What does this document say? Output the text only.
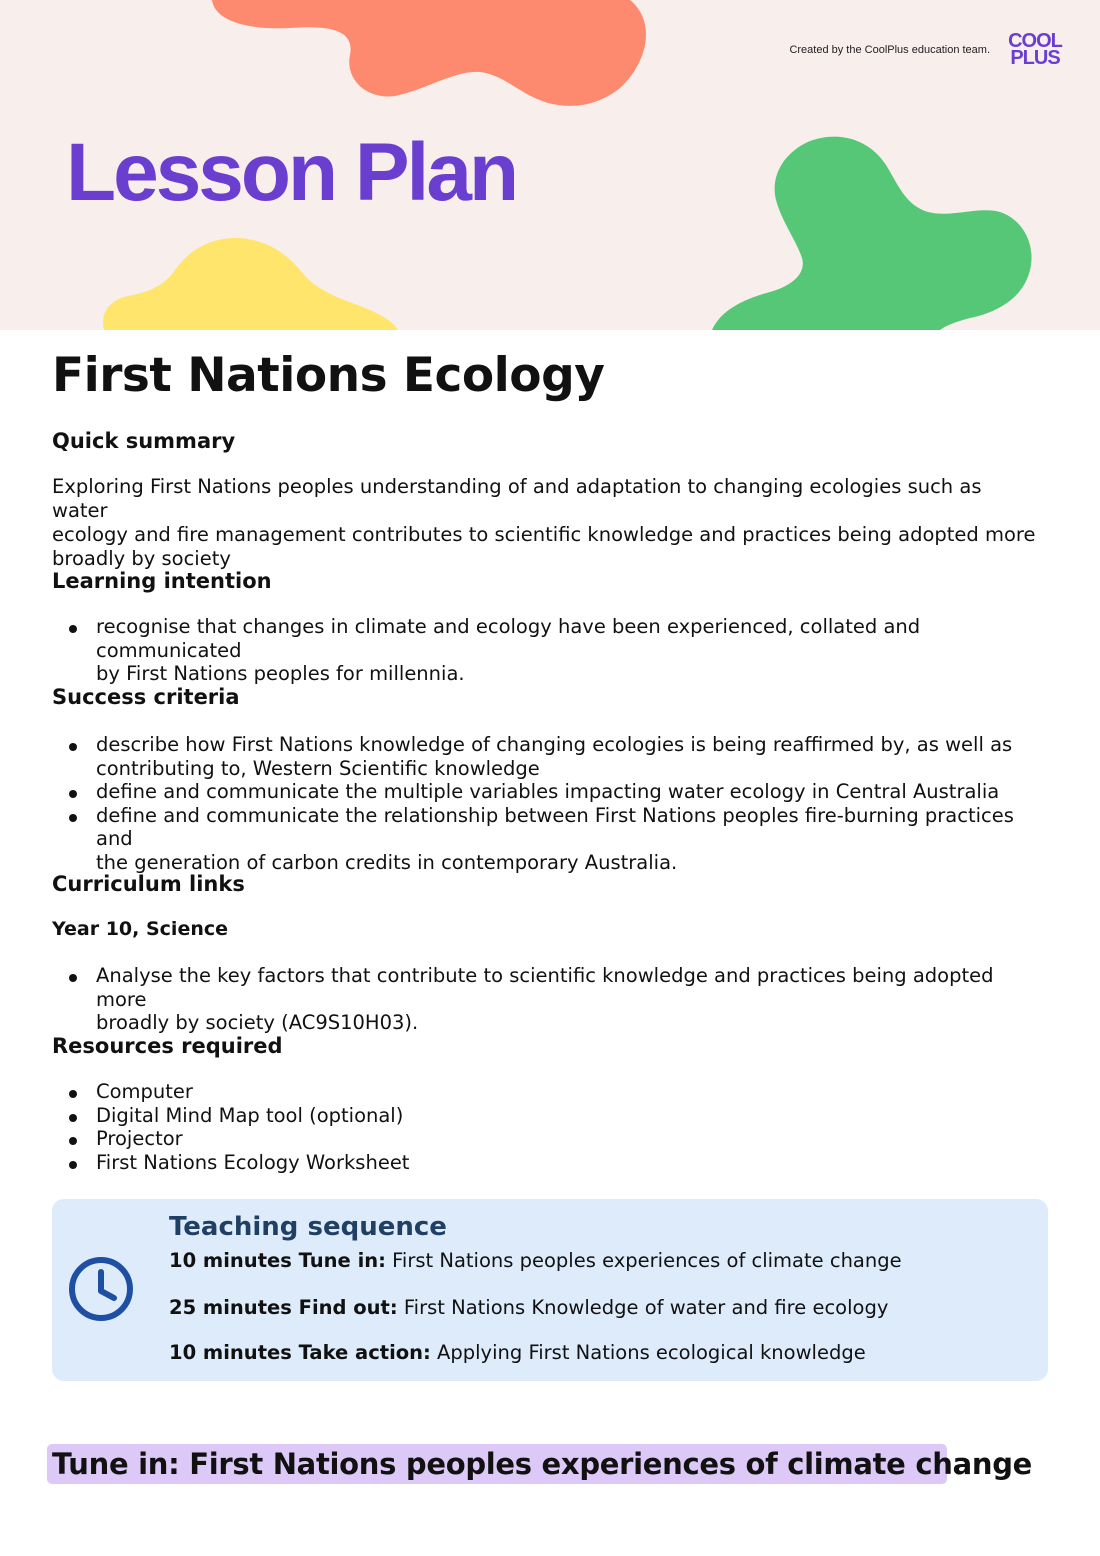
Created by the CoolPlus education team. COOL
PLUS
Lesson Plan
First Nations Ecology
Quick summary

Exploring First Nations peoples understanding of and adaptation to changing ecologies such as water

ecology and fire management contributes to scientific knowledge and practices being adopted more

broadly by society

Learning intention
recognise that changes in climate and ecology have been experienced, collated and communicated
by First Nations peoples for millennia.
Success criteria
describe how First Nations knowledge of changing ecologies is being reaffirmed by, as well as
contributing to, Western Scientific knowledge
define and communicate the multiple variables impacting water ecology in Central Australia
define and communicate the relationship between First Nations peoples fire-burning practices and
the generation of carbon credits in contemporary Australia.
Curriculum links
Year 10, Science
Analyse the key factors that contribute to scientific knowledge and practices being adopted more
broadly by society (AC9S10H03).
Resources required
Computer
Digital Mind Map tool (optional)
Projector
First Nations Ecology Worksheet
Teaching sequence
10 minutes Tune in: First Nations peoples experiences of climate change
25 minutes Find out: First Nations Knowledge of water and fire ecology
10 minutes Take action: Applying First Nations ecological knowledge
Tune in: First Nations peoples experiences of climate change
